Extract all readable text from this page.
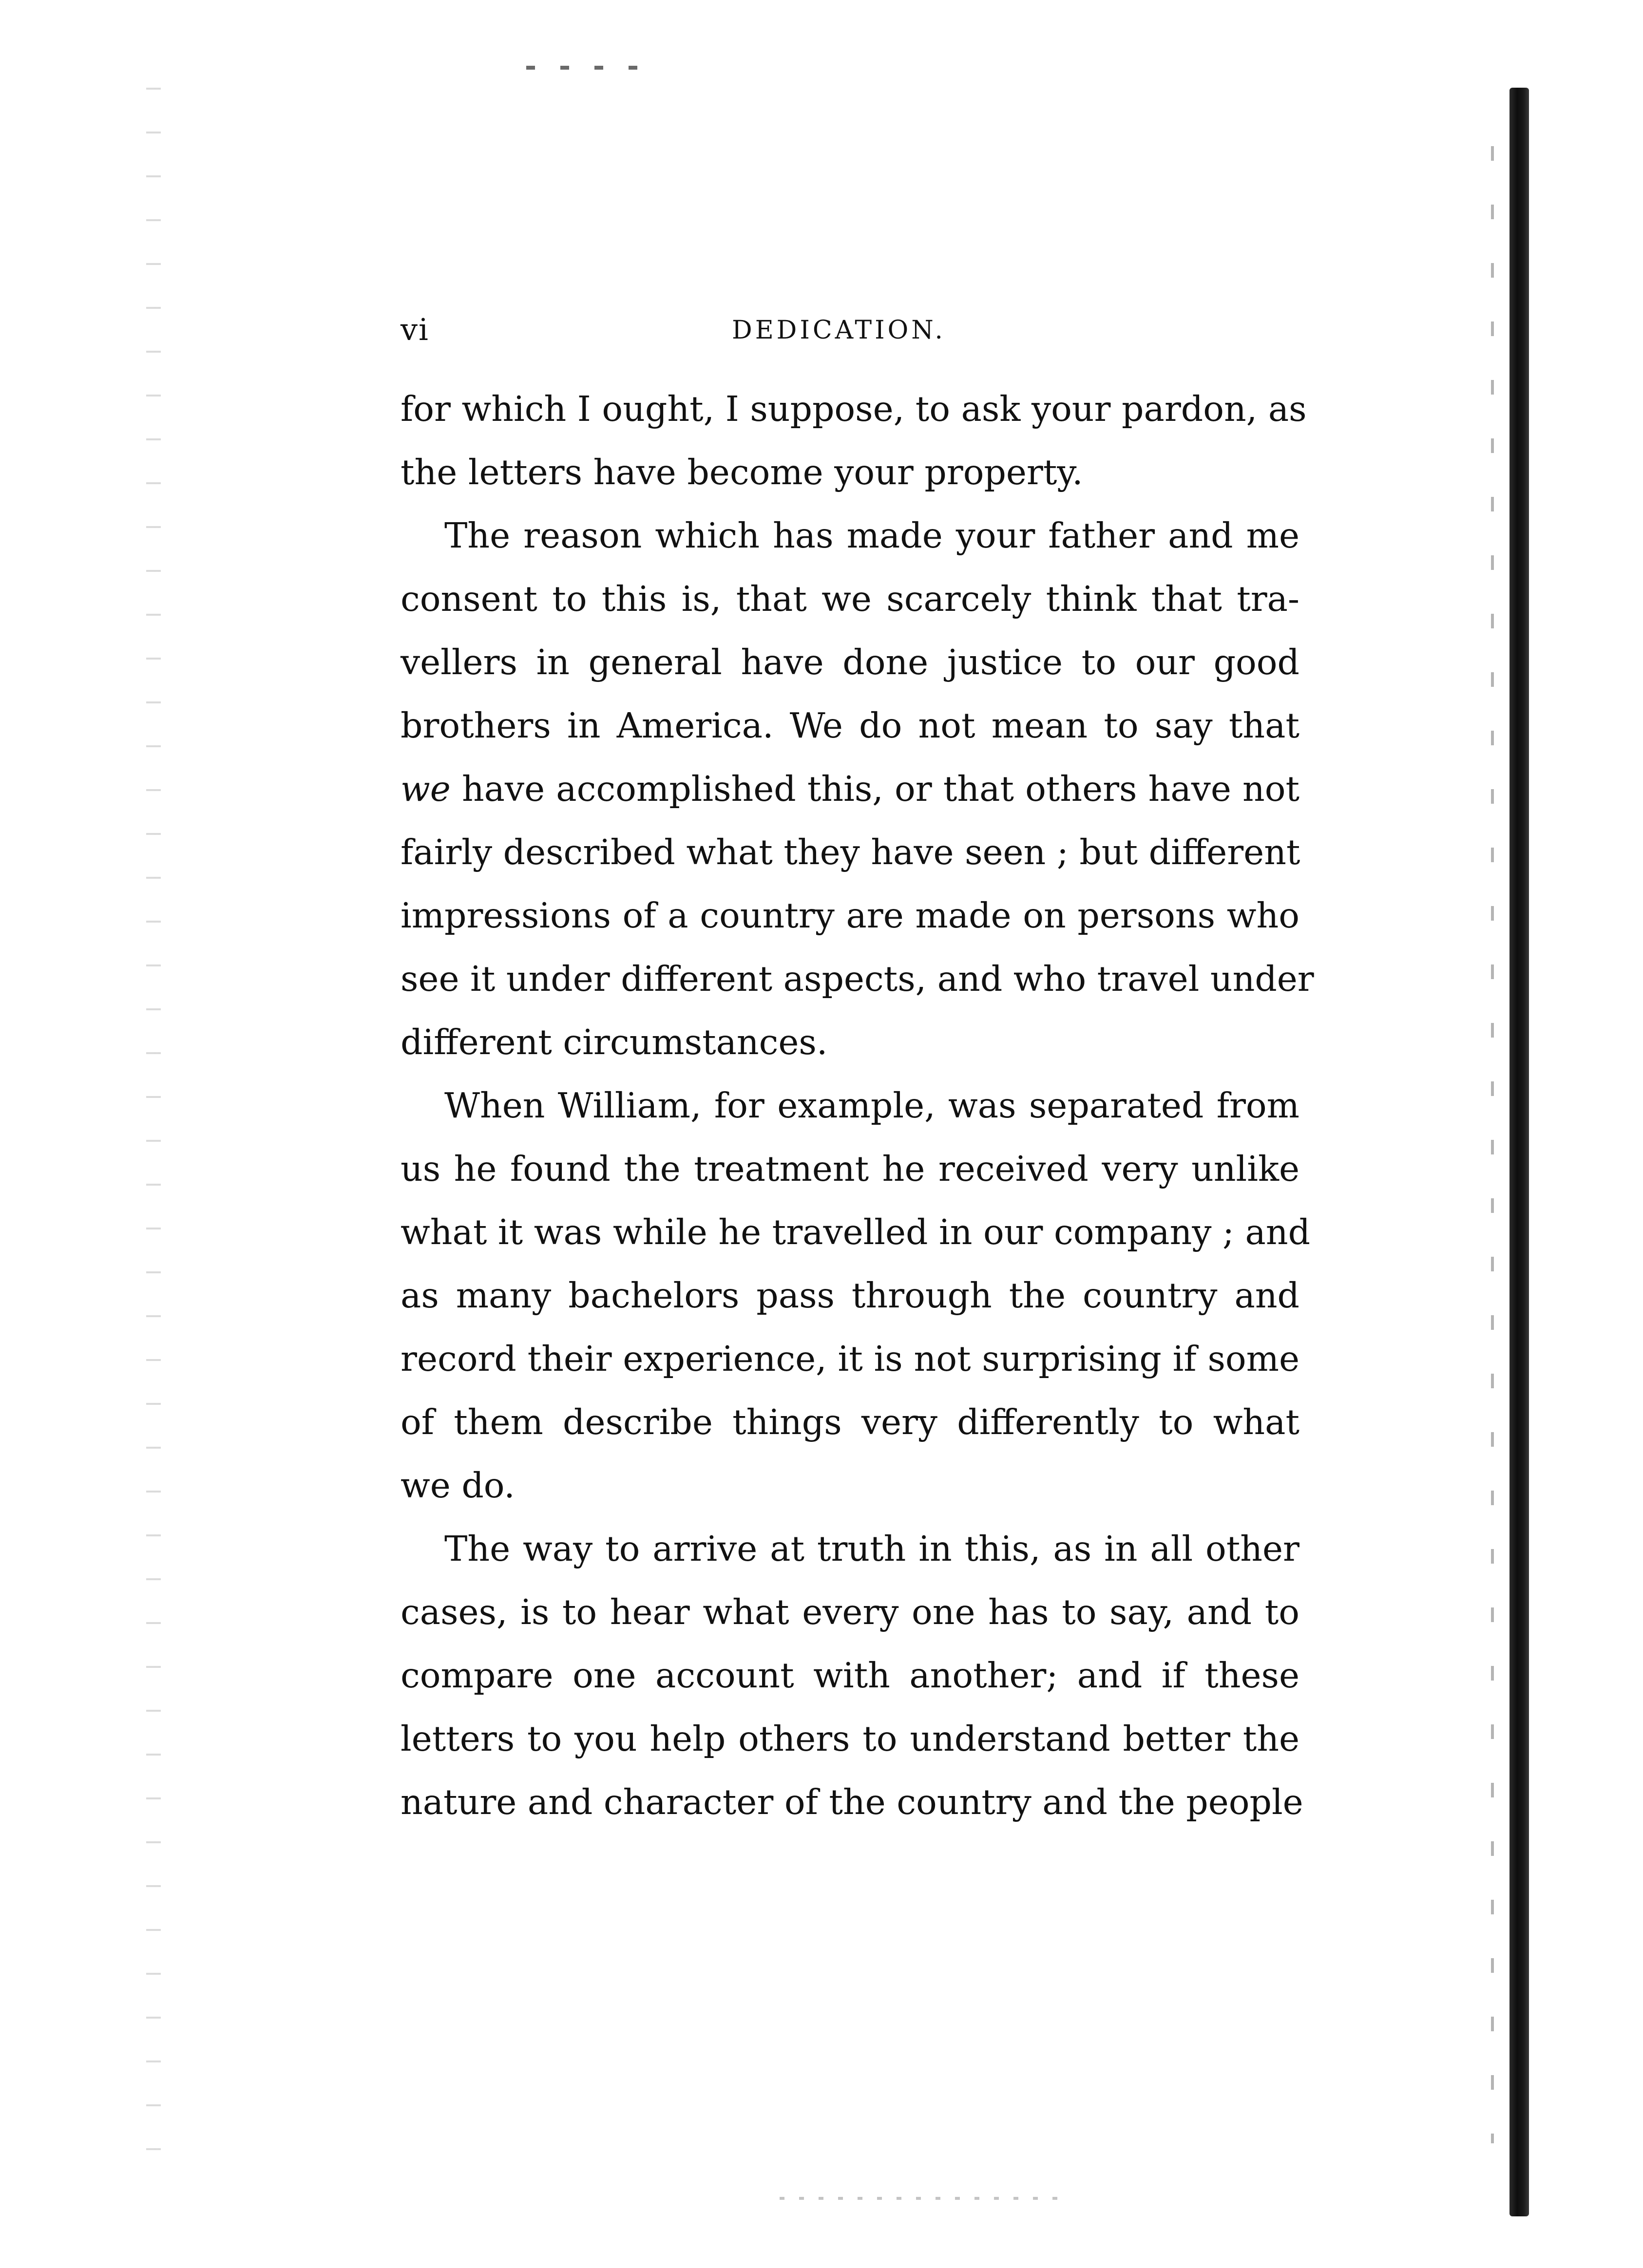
vi	DEDICATION.
for which I ought, I suppose, to ask your pardon, as
the letters have become your property.
The reason which has made your father and me
consent to this is, that we scarcely think that tra-
vellers in general have done justice to our good
brothers in America. We do not mean to say that
we have accomplished this, or that others have not
fairly described what they have seen ; but different
impressions of a country are made on persons who
see it under different aspects, and who travel under
different circumstances.
When William, for example, was separated from
us he found the treatment he received very unlike
what it was while he travelled in our company ; and
as many bachelors pass through the country and
record their experience, it is not surprising if some
of them describe things very differently to what
we do.
The way to arrive at truth in this, as in all other
cases, is to hear what every one has to say, and to
compare one account with another; and if these
letters to you help others to understand better the
nature and character of the country and the people
